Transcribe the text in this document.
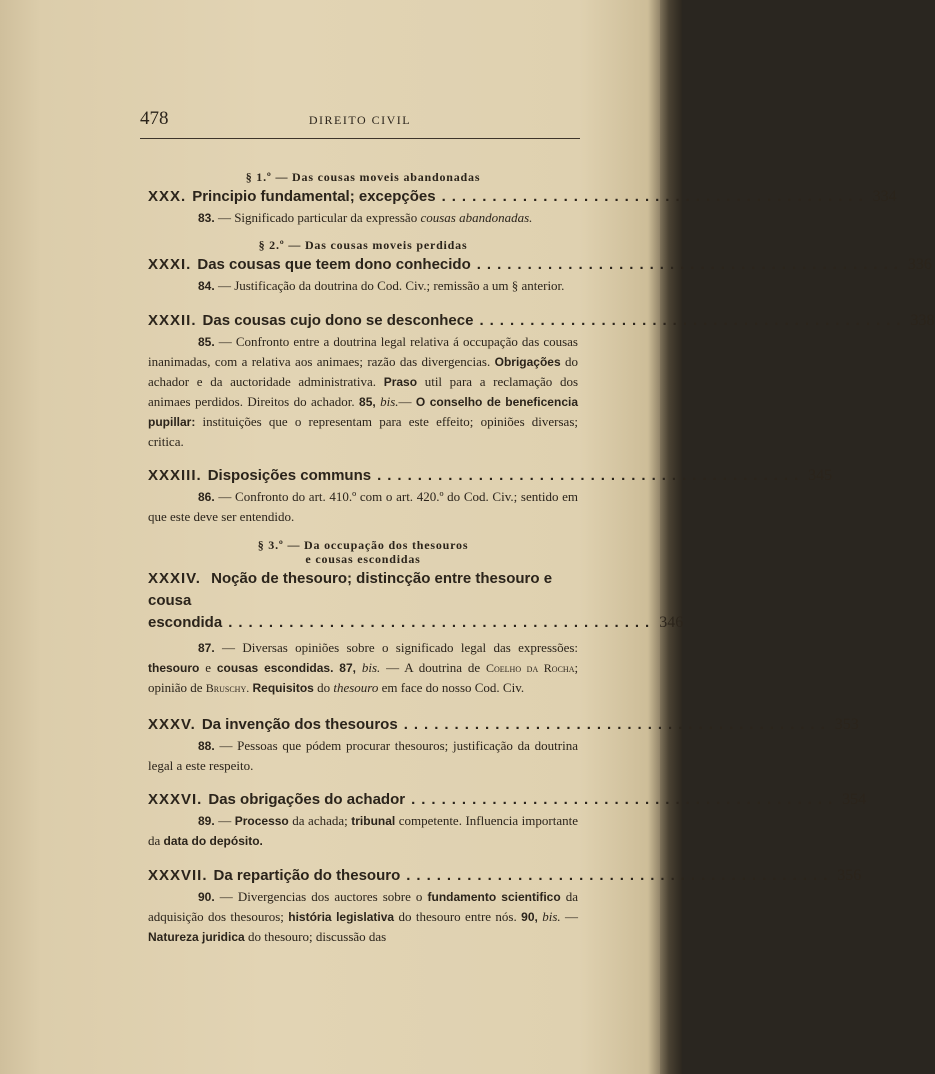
478	DIREITO CIVIL
§ 1.º — Das cousas moveis abandonadas
XXX. Principio fundamental; excepções .......................................... 334
83. — Significado particular da expressão cousas abandonadas.
§ 2.º — Das cousas moveis perdidas
XXXI. Das cousas que teem dono conhecido .......................................... 336
84. — Justificação da doutrina do Cod. Civ.; remissão a um § anterior.
XXXII. Das cousas cujo dono se desconhece .......................................... 338
85. — Confronto entre a doutrina legal relativa á occupação das cousas inanimadas, com a relativa aos animaes; razão das divergencias. Obrigações do achador e da auctoridade administrativa. Praso util para a reclamação dos animaes perdidos. Direitos do achador. 85, bis.— O conselho de beneficencia pupillar: instituições que o representam para este effeito; opiniões diversas; critica.
XXXIII. Disposições communs .......................................... 345
86. — Confronto do art. 410.º com o art. 420.º do Cod. Civ.; sentido em que este deve ser entendido.
§ 3.º — Da occupação dos thesouros
e cousas escondidas
XXXIV. Noção de thesouro; distincção entre thesouro e cousa
escondida .......................................... 346
87. — Diversas opiniões sobre o significado legal das expressões: thesouro e cousas escondidas. 87, bis. — A doutrina de Coelho da Rocha; opinião de Bruschy. Requisitos do thesouro em face do nosso Cod. Civ.
XXXV. Da invenção dos thesouros .......................................... 353
88. — Pessoas que pódem procurar thesouros; justificação da doutrina legal a este respeito.
XXXVI. Das obrigações do achador .......................................... 354
89. — Processo da achada; tribunal competente. Influencia importante da data do depósito.
XXXVII. Da repartição do thesouro .......................................... 356
90. — Divergencias dos auctores sobre o fundamento scientifico da adquisição dos thesouros; história legislativa do thesouro entre nós. 90, bis. — Natureza juridica do thesouro; discussão das
